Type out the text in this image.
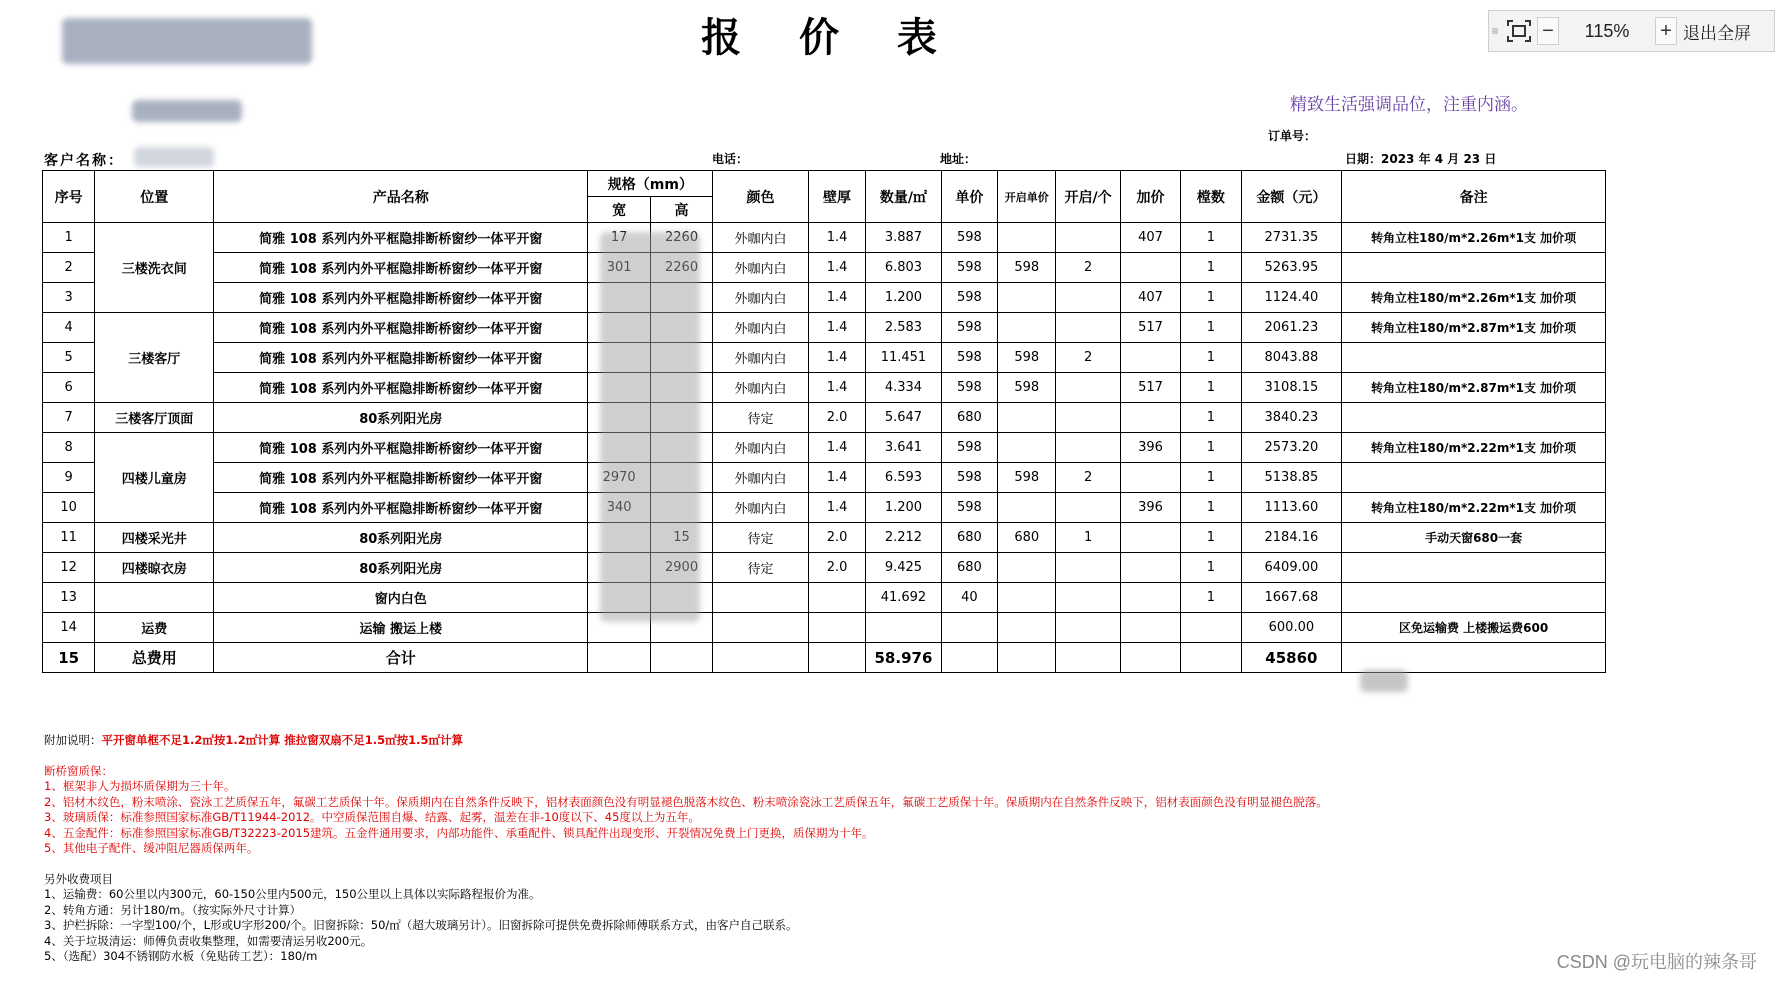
报 价 表
精致生活强调品位，注重内涵。
订单号：
客户名称：	电话：	地址：	日期：2023 年 4 月 23 日
≡ −	115%	+ 退出全屏
序号	位置	产品名称	规格（mm）		颜色	壁厚	数量/㎡	单价	开启单价	开启/个	加价	樘数	金额（元）	备注
			宽	高										
1	三楼洗衣间	简雅 108 系列内外平框隐排断桥窗纱一体平开窗			外咖内白	1.4	3.887	598			407	1	2731.35	转角立柱180/m*2.26m*1支 加价项
2		简雅 108 系列内外平框隐排断桥窗纱一体平开窗			外咖内白	1.4	6.803	598	598	2		1	5263.95	
3		简雅 108 系列内外平框隐排断桥窗纱一体平开窗			外咖内白	1.4	1.200	598			407	1	1124.40	转角立柱180/m*2.26m*1支 加价项
4	三楼客厅	简雅 108 系列内外平框隐排断桥窗纱一体平开窗			外咖内白	1.4	2.583	598			517	1	2061.23	转角立柱180/m*2.87m*1支 加价项
5		简雅 108 系列内外平框隐排断桥窗纱一体平开窗			外咖内白	1.4	11.451	598	598	2		1	8043.88	
6		简雅 108 系列内外平框隐排断桥窗纱一体平开窗			外咖内白	1.4	4.334	598	598		517	1	3108.15	转角立柱180/m*2.87m*1支 加价项
7	三楼客厅顶面	80系列阳光房			待定	2.0	5.647	680				1	3840.23	
8	四楼儿童房	简雅 108 系列内外平框隐排断桥窗纱一体平开窗			外咖内白	1.4	3.641	598			396	1	2573.20	转角立柱180/m*2.22m*1支 加价项
9		简雅 108 系列内外平框隐排断桥窗纱一体平开窗			外咖内白	1.4	6.593	598	598	2		1	5138.85	
10		简雅 108 系列内外平框隐排断桥窗纱一体平开窗			外咖内白	1.4	1.200	598			396	1	1113.60	转角立柱180/m*2.22m*1支 加价项
11	四楼采光井	80系列阳光房			待定	2.0	2.212	680	680	1		1	2184.16	手动天窗680一套
12	四楼晾衣房	80系列阳光房			待定	2.0	9.425	680				1	6409.00	
13		窗内白色					41.692	40				1	1667.68	
14	运费	运输 搬运上楼											600.00	区免运输费 上楼搬运费600
15	总费用	合计					58.976						45860	
附加说明：平开窗单框不足1.2㎡按1.2㎡计算 推拉窗双扇不足1.5㎡按1.5㎡计算
断桥窗质保：
1、框架非人为损坏质保期为三十年。
2、铝材木纹色，粉末喷涂、瓷泳工艺质保五年，氟碳工艺质保十年。保质期内在自然条件反映下，铝材表面颜色没有明显褪色脱落木纹色、粉末喷涂瓷泳工艺质保五年，氟碳工艺质保十年。保质期内在自然条件反映下，铝材表面颜色没有明显褪色脱落。
3、玻璃质保：标准参照国家标准GB/T11944-2012。中空质保范围自爆、结露、起雾，温差在非-10度以下、45度以上为五年。
4、五金配件：标准参照国家标准GB/T32223-2015建筑。五金件通用要求，内部功能件、承重配件、锁具配件出现变形、开裂情况免费上门更换，质保期为十年。
5、其他电子配件、缓冲阻尼器质保两年。
另外收费项目
1、运输费：60公里以内300元，60-150公里内500元，150公里以上具体以实际路程报价为准。
2、转角方通：另计180/m。（按实际外尺寸计算）
3、护栏拆除：一字型100/个，L形或U字形200/个。旧窗拆除：50/㎡（超大玻璃另计）。旧窗拆除可提供免费拆除师傅联系方式，由客户自己联系。
4、关于垃圾清运：师傅负责收集整理，如需要清运另收200元。
5、（选配）304不锈钢防水板（免贴砖工艺）：180/m	CSDN @玩电脑的辣条哥
